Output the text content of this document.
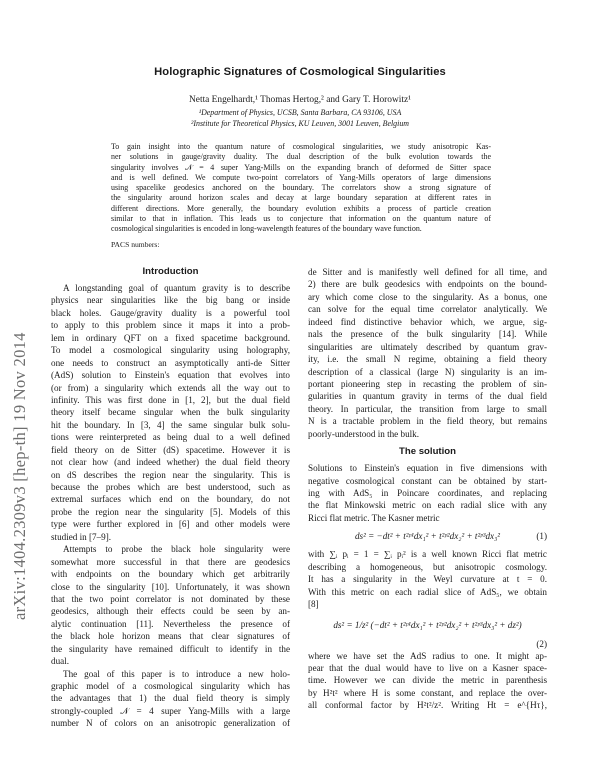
arXiv:1404.2309v3 [hep-th] 19 Nov 2014
Holographic Signatures of Cosmological Singularities
Netta Engelhardt,¹ Thomas Hertog,² and Gary T. Horowitz¹
¹Department of Physics, UCSB, Santa Barbara, CA 93106, USA
²Institute for Theoretical Physics, KU Leuven, 3001 Leuven, Belgium
To gain insight into the quantum nature of cosmological singularities, we study anisotropic Kas-
ner solutions in gauge/gravity duality. The dual description of the bulk evolution towards the
singularity involves 𝒩 = 4 super Yang-Mills on the expanding branch of deformed de Sitter space
and is well defined. We compute two-point correlators of Yang-Mills operators of large dimensions
using spacelike geodesics anchored on the boundary. The correlators show a strong signature of
the singularity around horizon scales and decay at large boundary separation at different rates in
different directions. More generally, the boundary evolution exhibits a process of particle creation
similar to that in inflation. This leads us to conjecture that information on the quantum nature of
cosmological singularities is encoded in long-wavelength features of the boundary wave function.
PACS numbers:
Introduction
A longstanding goal of quantum gravity is to describe
physics near singularities like the big bang or inside
black holes. Gauge/gravity duality is a powerful tool
to apply to this problem since it maps it into a prob-
lem in ordinary QFT on a fixed spacetime background.
To model a cosmological singularity using holography,
one needs to construct an asymptotically anti-de Sitter
(AdS) solution to Einstein's equation that evolves into
(or from) a singularity which extends all the way out to
infinity. This was first done in [1, 2], but the dual field
theory itself became singular when the bulk singularity
hit the boundary. In [3, 4] the same singular bulk solu-
tions were reinterpreted as being dual to a well defined
field theory on de Sitter (dS) spacetime. However it is
not clear how (and indeed whether) the dual field theory
on dS describes the region near the singularity. This is
because the probes which are best understood, such as
extremal surfaces which end on the boundary, do not
probe the region near the singularity [5]. Models of this
type were further explored in [6] and other models were
studied in [7–9].
Attempts to probe the black hole singularity were
somewhat more successful in that there are geodesics
with endpoints on the boundary which get arbitrarily
close to the singularity [10]. Unfortunately, it was shown
that the two point correlator is not dominated by these
geodesics, although their effects could be seen by an-
alytic continuation [11]. Nevertheless the presence of
the black hole horizon means that clear signatures of
the singularity have remained difficult to identify in the
dual.
The goal of this paper is to introduce a new holo-
graphic model of a cosmological singularity which has
the advantages that 1) the dual field theory is simply
strongly-coupled 𝒩 = 4 super Yang-Mills with a large
number N of colors on an anisotropic generalization of
de Sitter and is manifestly well defined for all time, and
2) there are bulk geodesics with endpoints on the bound-
ary which come close to the singularity. As a bonus, one
can solve for the equal time correlator analytically. We
indeed find distinctive behavior which, we argue, sig-
nals the presence of the bulk singularity [14]. While
singularities are ultimately described by quantum grav-
ity, i.e. the small N regime, obtaining a field theory
description of a classical (large N) singularity is an im-
portant pioneering step in recasting the problem of sin-
gularities in quantum gravity in terms of the dual field
theory. In particular, the transition from large to small
N is a tractable problem in the field theory, but remains
poorly-understood in the bulk.
The solution
Solutions to Einstein's equation in five dimensions with
negative cosmological constant can be obtained by start-
ing with AdS₅ in Poincare coordinates, and replacing
the flat Minkowski metric on each radial slice with any
Ricci flat metric. The Kasner metric
ds² = −dt² + t²ᵖ¹dx₁² + t²ᵖ²dx₂² + t²ᵖ³dx₃²	(1)
with ∑ᵢ pᵢ = 1 = ∑ᵢ pᵢ² is a well known Ricci flat metric
describing a homogeneous, but anisotropic cosmology.
It has a singularity in the Weyl curvature at t = 0.
With this metric on each radial slice of AdS₅, we obtain
[8]
ds² = 1/z² (−dt² + t²ᵖ¹dx₁² + t²ᵖ²dx₂² + t²ᵖ³dx₃² + dz²)
(2)
where we have set the AdS radius to one. It might ap-
pear that the dual would have to live on a Kasner space-
time. However we can divide the metric in parenthesis
by H²t² where H is some constant, and replace the over-
all conformal factor by H²t²/z². Writing Ht = e^{Hτ},
